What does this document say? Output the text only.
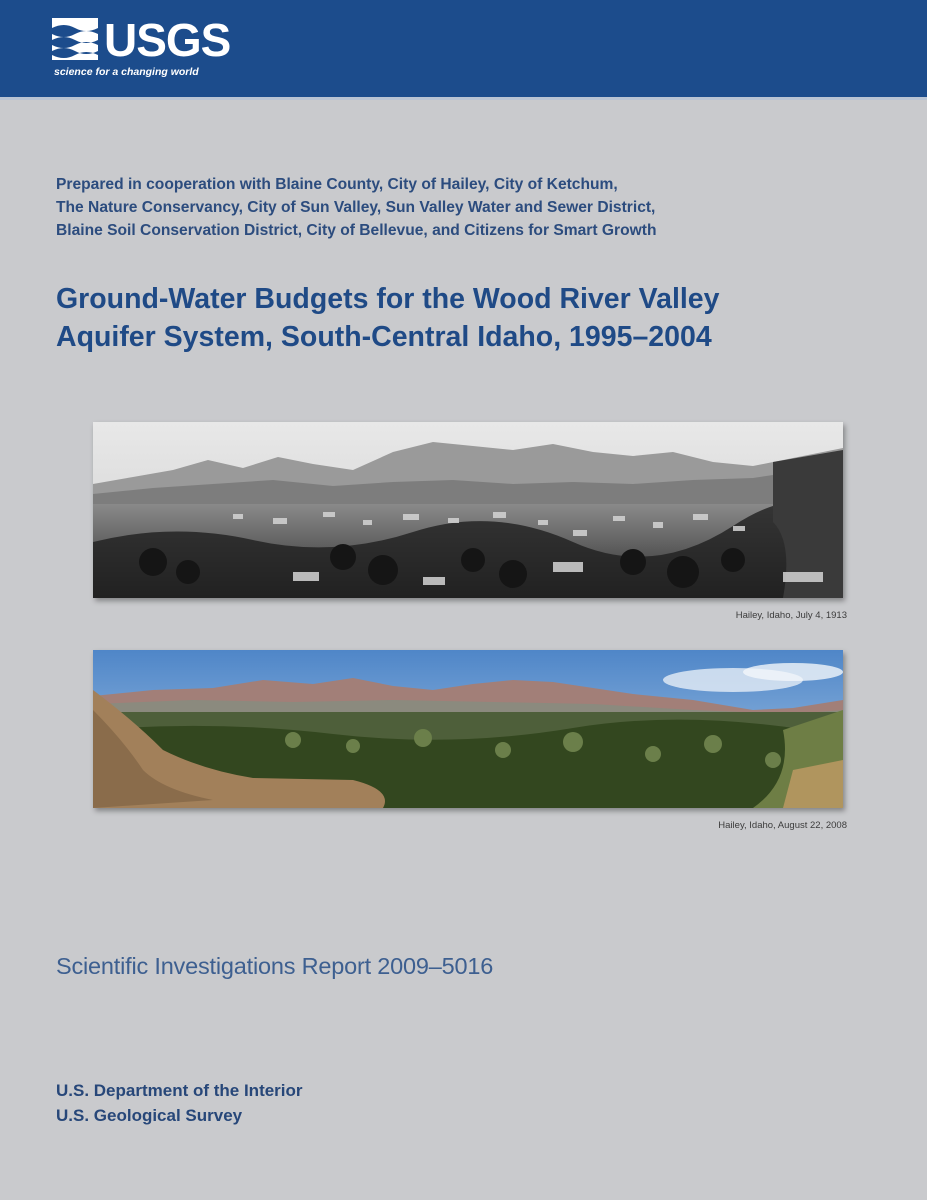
USGS
science for a changing world
Prepared in cooperation with Blaine County, City of Hailey, City of Ketchum,
The Nature Conservancy, City of Sun Valley, Sun Valley Water and Sewer District,
Blaine Soil Conservation District, City of Bellevue, and Citizens for Smart Growth
Ground-Water Budgets for the Wood River Valley
Aquifer System, South-Central Idaho, 1995–2004
Hailey, Idaho, July 4, 1913
Hailey, Idaho, August 22, 2008
Scientific Investigations Report 2009–5016
U.S. Department of the Interior
U.S. Geological Survey
